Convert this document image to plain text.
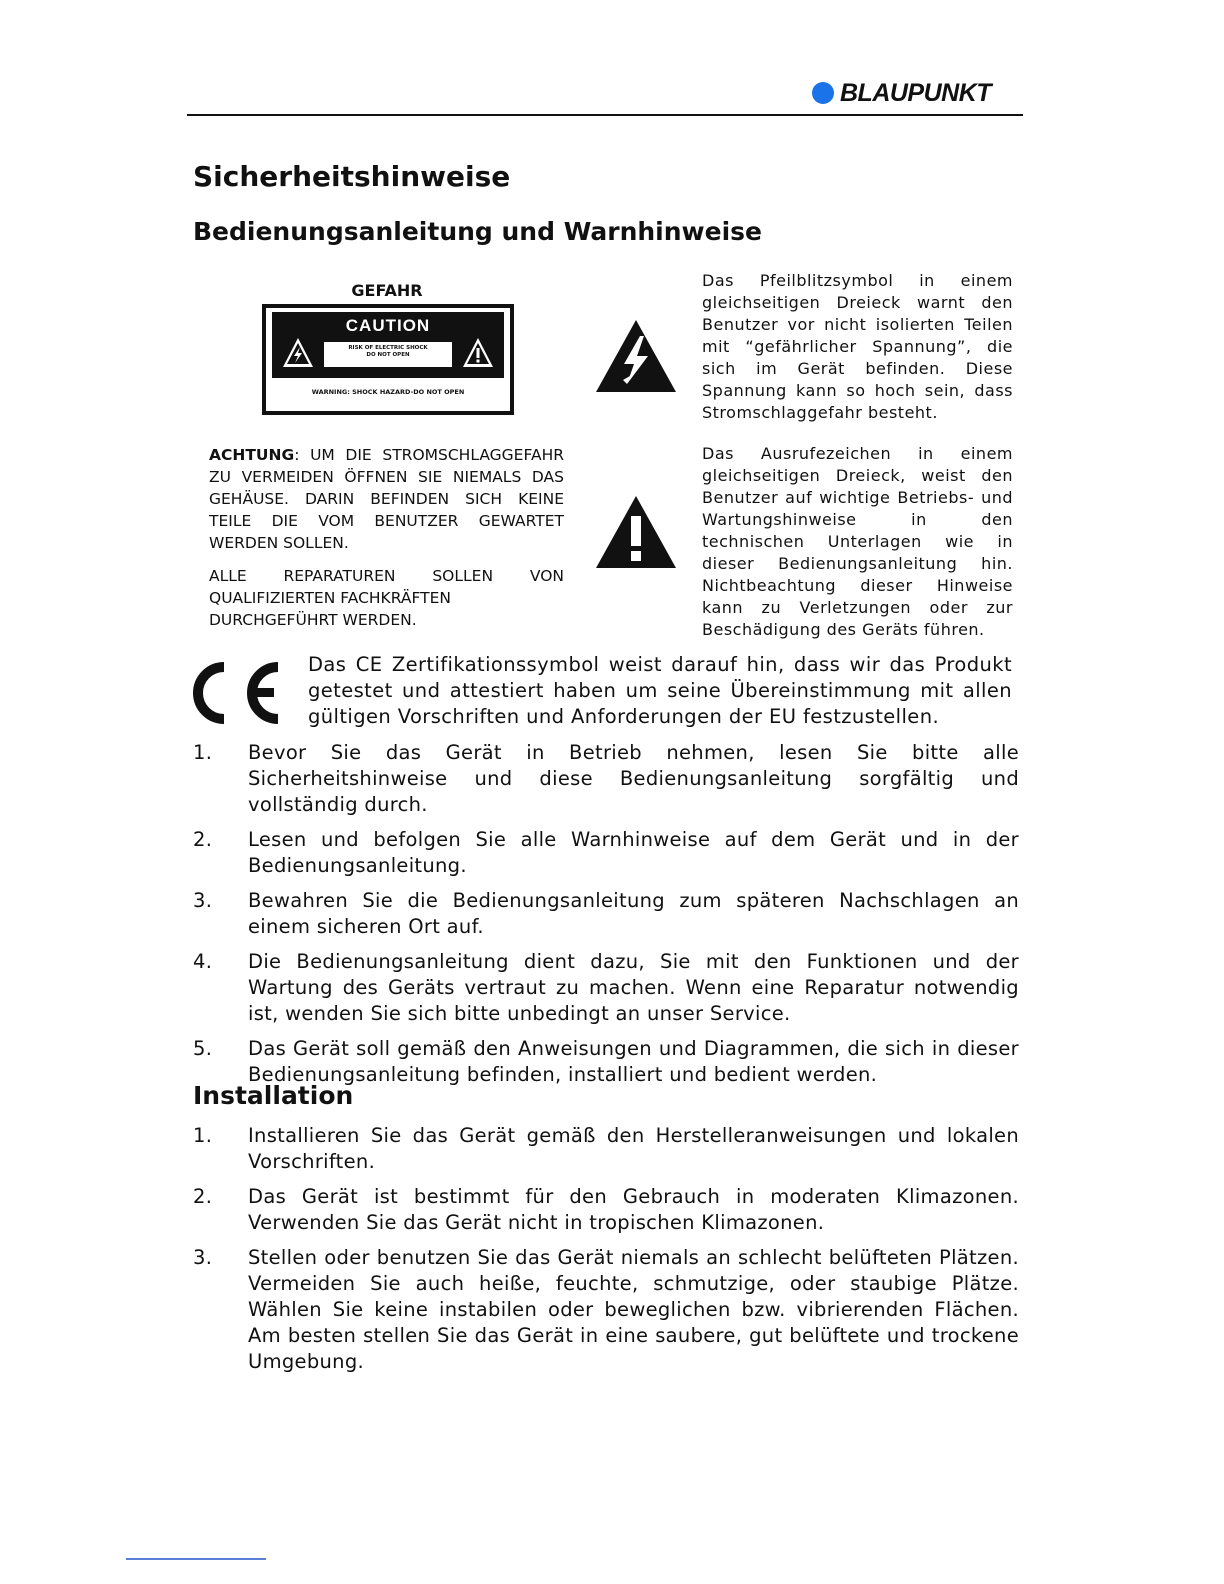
BLAUPUNKT
Sicherheitshinweise
Bedienungsanleitung und Warnhinweise
GEFAHR
CAUTION
RISK OF ELECTRIC SHOCK
DO NOT OPEN
WARNING: SHOCK HAZARD-DO NOT OPEN

ACHTUNG: UM DIE STROMSCHLAGGEFAHR ZU VERMEIDEN ÖFFNEN SIE NIEMALS DAS GEHÄUSE. DARIN BEFINDEN SICH KEINE TEILE DIE VOM BENUTZER GEWARTET WERDEN SOLLEN.

ALLE REPARATUREN SOLLEN VON QUALIFIZIERTEN FACHKRÄFTEN
DURCHGEFÜHRT WERDEN.

Das Pfeilblitzsymbol in einem gleichseitigen Dreieck warnt den Benutzer vor nicht isolierten Teilen mit “gefährlicher Spannung”, die sich im Gerät befinden. Diese Spannung kann so hoch sein, dass Stromschlaggefahr besteht.

Das Ausrufezeichen in einem gleichseitigen Dreieck, weist den Benutzer auf wichtige Betriebs- und Wartungshinweise in den technischen Unterlagen wie in dieser Bedienungsanleitung hin. Nichtbeachtung dieser Hinweise kann zu Verletzungen oder zur Beschädigung des Geräts führen.

Das CE Zertifikationssymbol weist darauf hin, dass wir das Produkt getestet und attestiert haben um seine Übereinstimmung mit allen gültigen Vorschriften und Anforderungen der EU festzustellen.

1. Bevor Sie das Gerät in Betrieb nehmen, lesen Sie bitte alle Sicherheitshinweise und diese Bedienungsanleitung sorgfältig und vollständig durch.
2. Lesen und befolgen Sie alle Warnhinweise auf dem Gerät und in der Bedienungsanleitung.
3. Bewahren Sie die Bedienungsanleitung zum späteren Nachschlagen an einem sicheren Ort auf.
4. Die Bedienungsanleitung dient dazu, Sie mit den Funktionen und der Wartung des Geräts vertraut zu machen. Wenn eine Reparatur notwendig ist, wenden Sie sich bitte unbedingt an unser Service.
5. Das Gerät soll gemäß den Anweisungen und Diagrammen, die sich in dieser Bedienungsanleitung befinden, installiert und bedient werden.
Installation
1. Installieren Sie das Gerät gemäß den Herstelleranweisungen und lokalen Vorschriften.
2. Das Gerät ist bestimmt für den Gebrauch in moderaten Klimazonen. Verwenden Sie das Gerät nicht in tropischen Klimazonen.
3. Stellen oder benutzen Sie das Gerät niemals an schlecht belüfteten Plätzen. Vermeiden Sie auch heiße, feuchte, schmutzige, oder staubige Plätze. Wählen Sie keine instabilen oder beweglichen bzw. vibrierenden Flächen. Am besten stellen Sie das Gerät in eine saubere, gut belüftete und trockene Umgebung.
